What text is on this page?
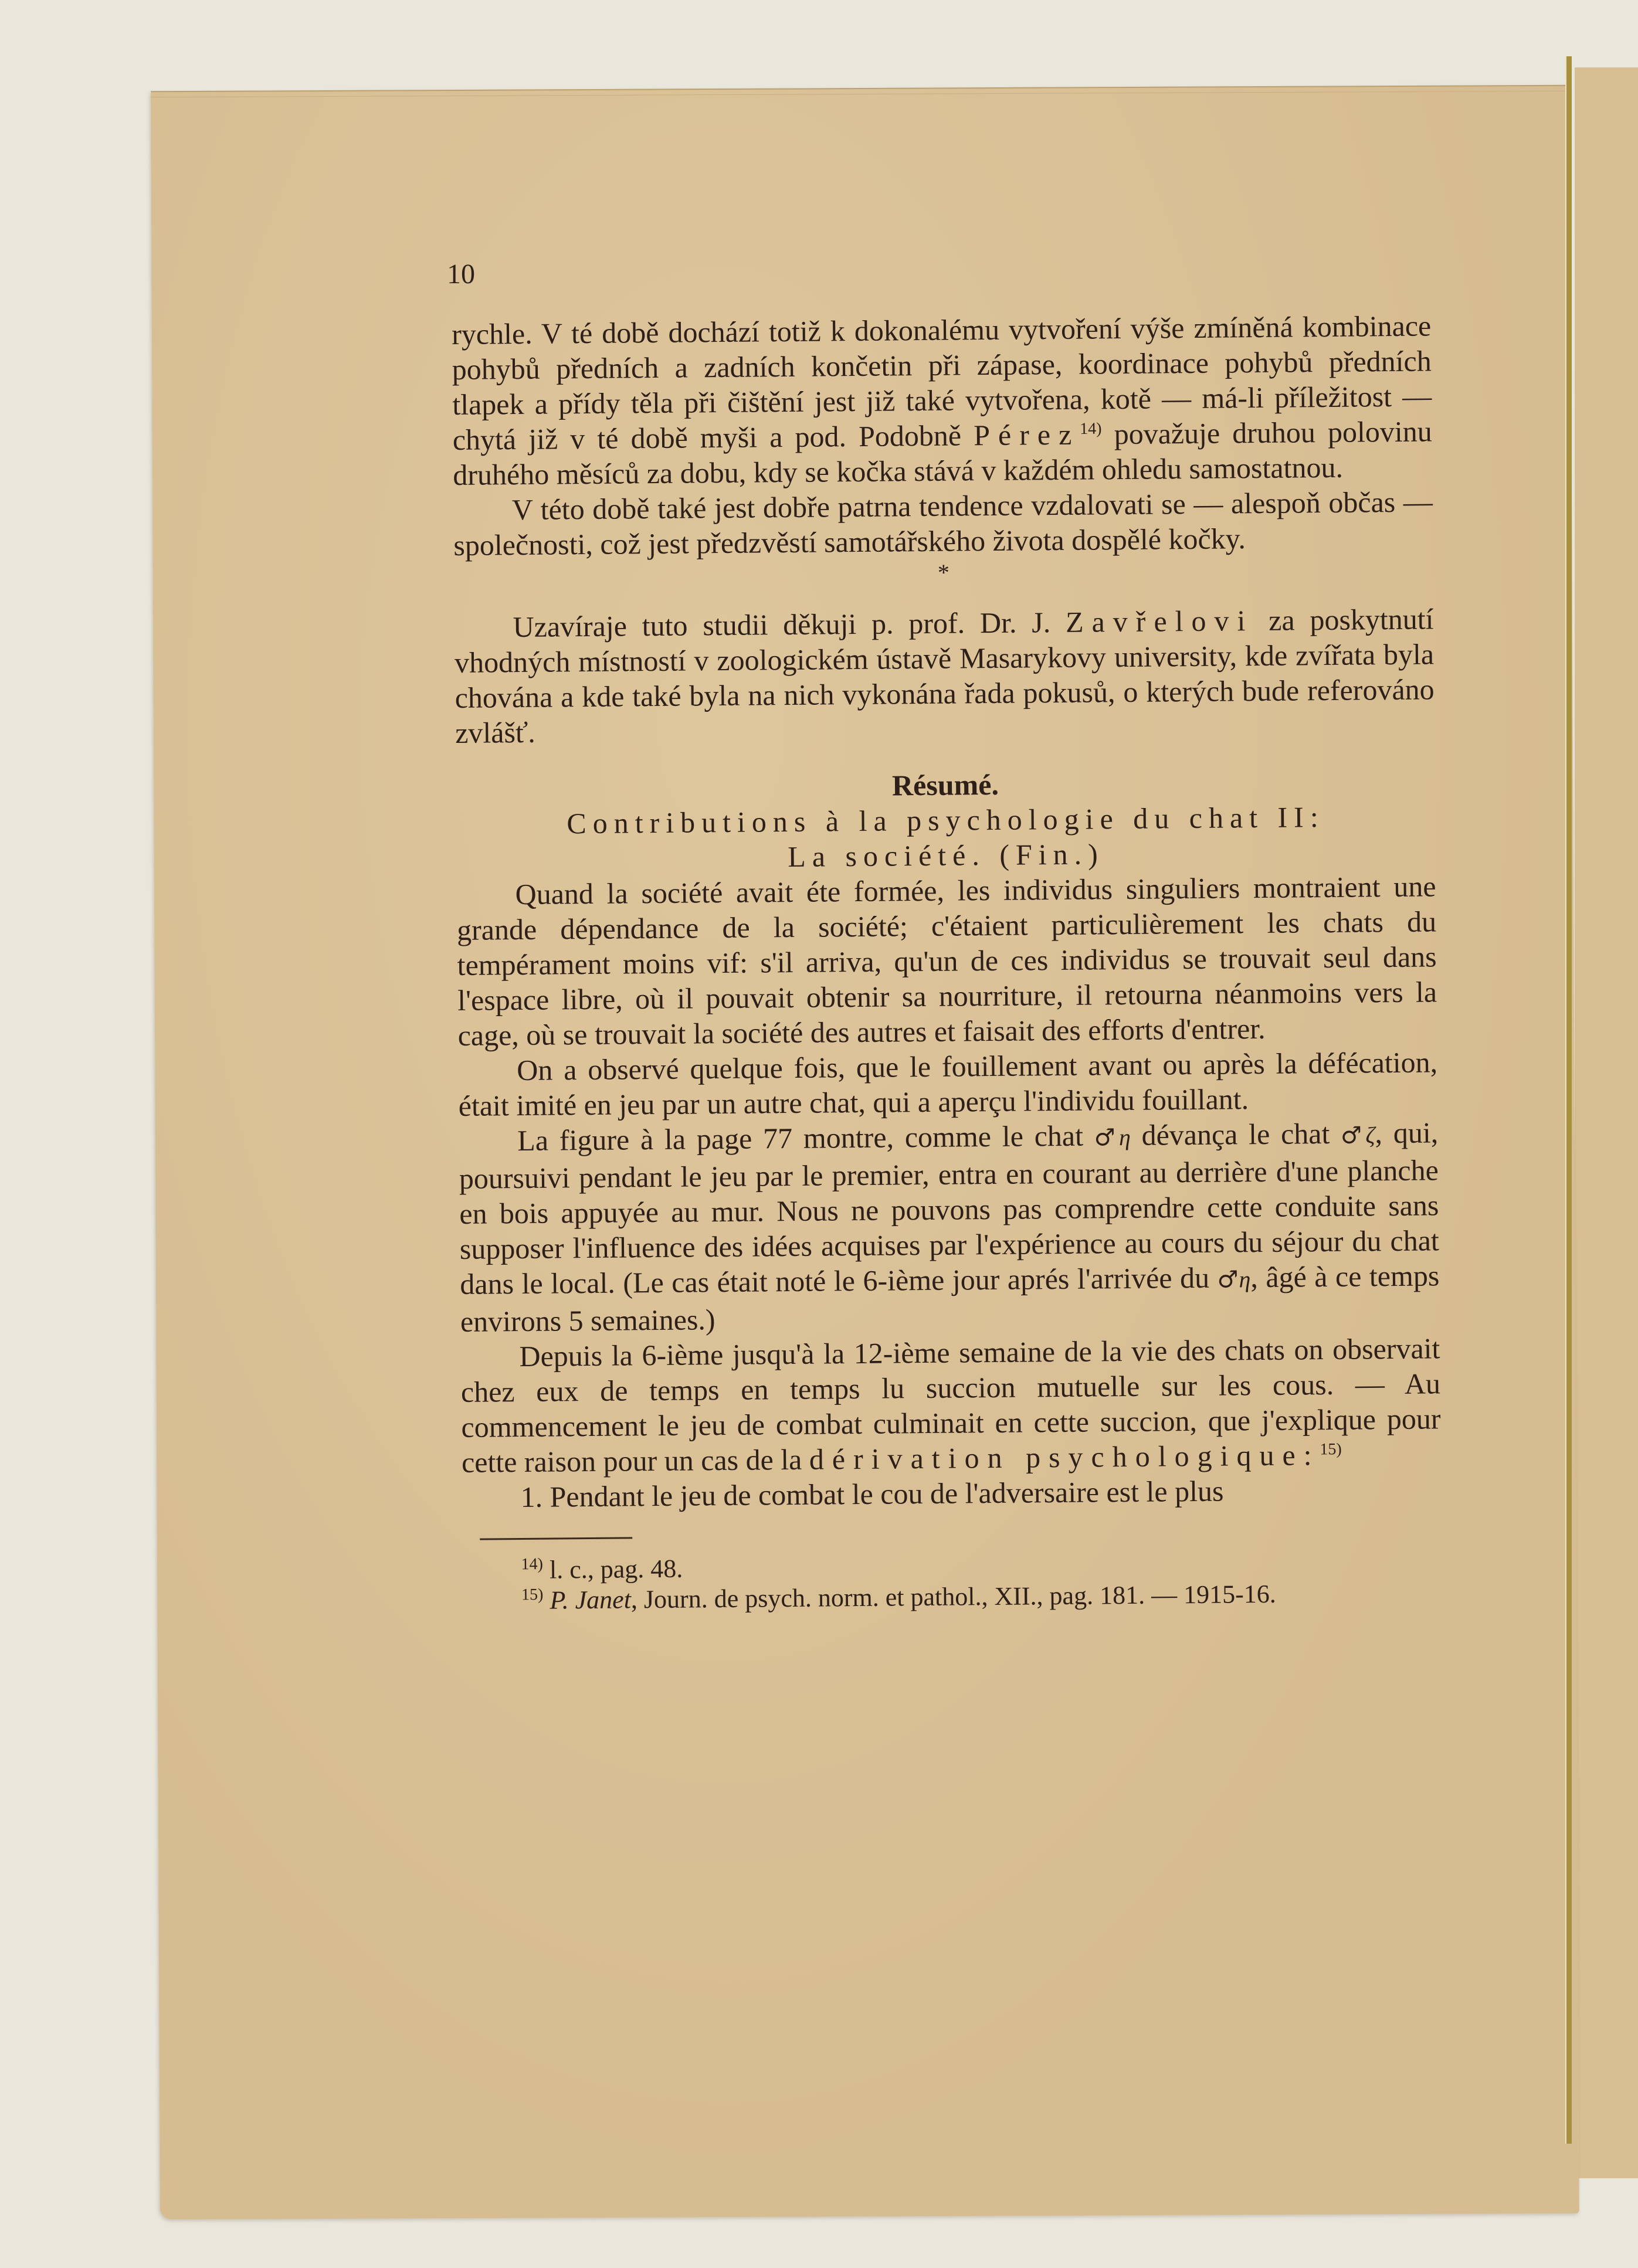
10

rychle. V té době dochází totiž k dokonalému vytvoření výše zmíněná kombinace pohybů předních a zadních končetin při zápase, koordinace pohybů předních tlapek a přídy těla při čištění jest již také vytvořena, kotě — má-li příležitost — chytá již v té době myši a pod. Podobně Pérez$^{14)}$ považuje druhou polovinu druhého měsíců za dobu, kdy se kočka stává v každém ohledu samostatnou.

V této době také jest dobře patrna tendence vzdalovati se — alespoň občas — společnosti, což jest předzvěstí samotářského života dospělé kočky.

*

Uzavíraje tuto studii děkuji p. prof. Dr. J. Zavřelovi za poskytnutí vhodných místností v zoologickém ústavě Masarykovy university, kde zvířata byla chována a kde také byla na nich vykonána řada pokusů, o kterých bude referováno zvlášť.

Résumé.
Contributions à la psychologie du chat II:
La société. (Fin.)

Quand la société avait éte formée, les individus singuliers montraient une grande dépendance de la société; c'étaient particulièrement les chats du tempérament moins vif: s'il arriva, qu'un de ces individus se trouvait seul dans l'espace libre, où il pouvait obtenir sa nourriture, il retourna néanmoins vers la cage, où se trouvait la société des autres et faisait des efforts d'entrer.

On a observé quelque fois, que le fouillement avant ou après la défécation, était imité en jeu par un autre chat, qui a aperçu l'individu fouillant.

La figure à la page 77 montre, comme le chat ♂η dévança le chat ♂ζ, qui, poursuivi pendant le jeu par le premier, entra en courant au derrière d'une planche en bois appuyée au mur. Nous ne pouvons pas comprendre cette conduite sans supposer l'influence des idées acquises par l'expérience au cours du séjour du chat dans le local. (Le cas était noté le 6-ième jour aprés l'arrivée du ♂η, âgé à ce temps environs 5 semaines.)

Depuis la 6-ième jusqu'à la 12-ième semaine de la vie des chats on observait chez eux de temps en temps lu succion mutuelle sur les cous. — Au commencement le jeu de combat culminait en cette succion, que j'explique pour cette raison pour un cas de la dérivation psychologique:$^{15)}$

1. Pendant le jeu de combat le cou de l'adversaire est le plus

$^{14)}$ l. c., pag. 48.

$^{15)}$ P. Janet, Journ. de psych. norm. et pathol., XII., pag. 181. — 1915-16.
